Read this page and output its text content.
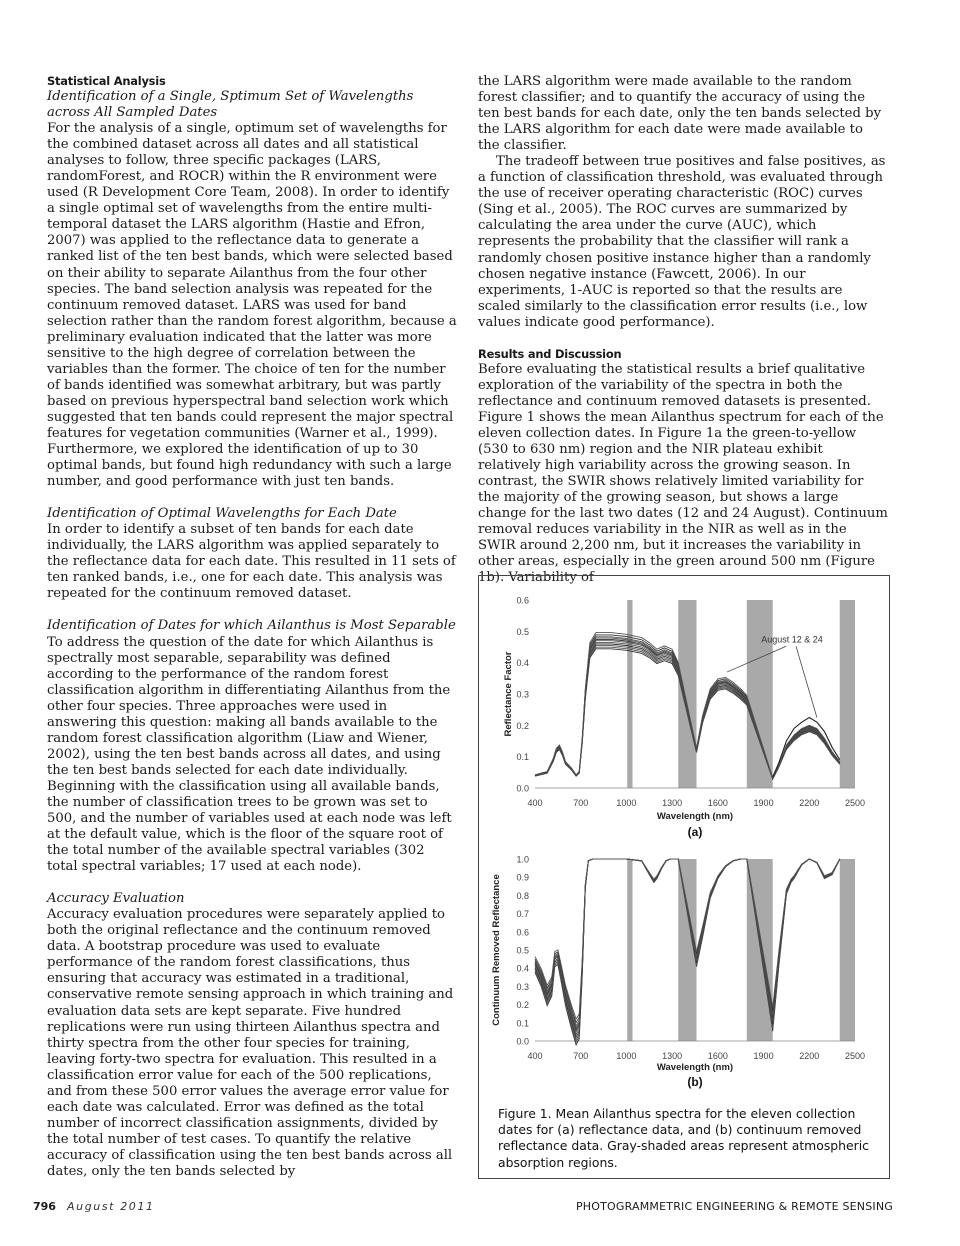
Statistical Analysis

Identification of a Single, Sptimum Set of Wavelengths across All Sampled Dates

For the analysis of a single, optimum set of wavelengths for the combined dataset across all dates and all statistical analyses to follow, three specific packages (LARS, randomForest, and ROCR) within the R environment were used (R Development Core Team, 2008). In order to identify a single optimal set of wavelengths from the entire multi-temporal dataset the LARS algorithm (Hastie and Efron, 2007) was applied to the reflectance data to generate a ranked list of the ten best bands, which were selected based on their ability to separate Ailanthus from the four other species. The band selection analysis was repeated for the continuum removed dataset. LARS was used for band selection rather than the random forest algorithm, because a preliminary evaluation indicated that the latter was more sensitive to the high degree of correlation between the variables than the former. The choice of ten for the number of bands identified was somewhat arbitrary, but was partly based on previous hyperspectral band selection work which suggested that ten bands could represent the major spectral features for vegetation communities (Warner et al., 1999). Furthermore, we explored the identification of up to 30 optimal bands, but found high redundancy with such a large number, and good performance with just ten bands.

Identification of Optimal Wavelengths for Each Date

In order to identify a subset of ten bands for each date individually, the LARS algorithm was applied separately to the reflectance data for each date. This resulted in 11 sets of ten ranked bands, i.e., one for each date. This analysis was repeated for the continuum removed dataset.

Identification of Dates for which Ailanthus is Most Separable

To address the question of the date for which Ailanthus is spectrally most separable, separability was defined according to the performance of the random forest classification algorithm in differentiating Ailanthus from the other four species. Three approaches were used in answering this question: making all bands available to the random forest classification algorithm (Liaw and Wiener, 2002), using the ten best bands across all dates, and using the ten best bands selected for each date individually. Beginning with the classification using all available bands, the number of classification trees to be grown was set to 500, and the number of variables used at each node was left at the default value, which is the floor of the square root of the total number of the available spectral variables (302 total spectral variables; 17 used at each node).

Accuracy Evaluation

Accuracy evaluation procedures were separately applied to both the original reflectance and the continuum removed data. A bootstrap procedure was used to evaluate performance of the random forest classifications, thus ensuring that accuracy was estimated in a traditional, conservative remote sensing approach in which training and evaluation data sets are kept separate. Five hundred replications were run using thirteen Ailanthus spectra and thirty spectra from the other four species for training, leaving forty-two spectra for evaluation. This resulted in a classification error value for each of the 500 replications, and from these 500 error values the average error value for each date was calculated. Error was defined as the total number of incorrect classification assignments, divided by the total number of test cases. To quantify the relative accuracy of classification using the ten best bands across all dates, only the ten bands selected by

the LARS algorithm were made available to the random forest classifier; and to quantify the accuracy of using the ten best bands for each date, only the ten bands selected by the LARS algorithm for each date were made available to the classifier.

The tradeoff between true positives and false positives, as a function of classification threshold, was evaluated through the use of receiver operating characteristic (ROC) curves (Sing et al., 2005). The ROC curves are summarized by calculating the area under the curve (AUC), which represents the probability that the classifier will rank a randomly chosen positive instance higher than a randomly chosen negative instance (Fawcett, 2006). In our experiments, 1-AUC is reported so that the results are scaled similarly to the classification error results (i.e., low values indicate good performance).

Results and Discussion

Before evaluating the statistical results a brief qualitative exploration of the variability of the spectra in both the reflectance and continuum removed datasets is presented. Figure 1 shows the mean Ailanthus spectrum for each of the eleven collection dates. In Figure 1a the green-to-yellow (530 to 630 nm) region and the NIR plateau exhibit relatively high variability across the growing season. In contrast, the SWIR shows relatively limited variability for the majority of the growing season, but shows a large change for the last two dates (12 and 24 August). Continuum removal reduces variability in the NIR as well as in the SWIR around 2,200 nm, but it increases the variability in other areas, especially in the green around 500 nm (Figure 1b). Variability of

0.0
0.1
0.2
0.3
0.4
0.5
0.6
400	700	1000	1300	1600	1900	2200	2500
Wavelength (nm)
Reflectance Factor
(a)
August 12 & 24
0.0
0.1
0.2
0.3
0.4
0.5
0.6
0.7
0.8
0.9
1.0
400	700	1000	1300	1600	1900	2200	2500
Wavelength (nm)
Continuum Removed Reflectance
(b)

Figure 1. Mean Ailanthus spectra for the eleven collection dates for (a) reflectance data, and (b) continuum removed reflectance data. Gray-shaded areas represent atmospheric absorption regions.

796 August 2011	PHOTOGRAMMETRIC ENGINEERING & REMOTE SENSING
